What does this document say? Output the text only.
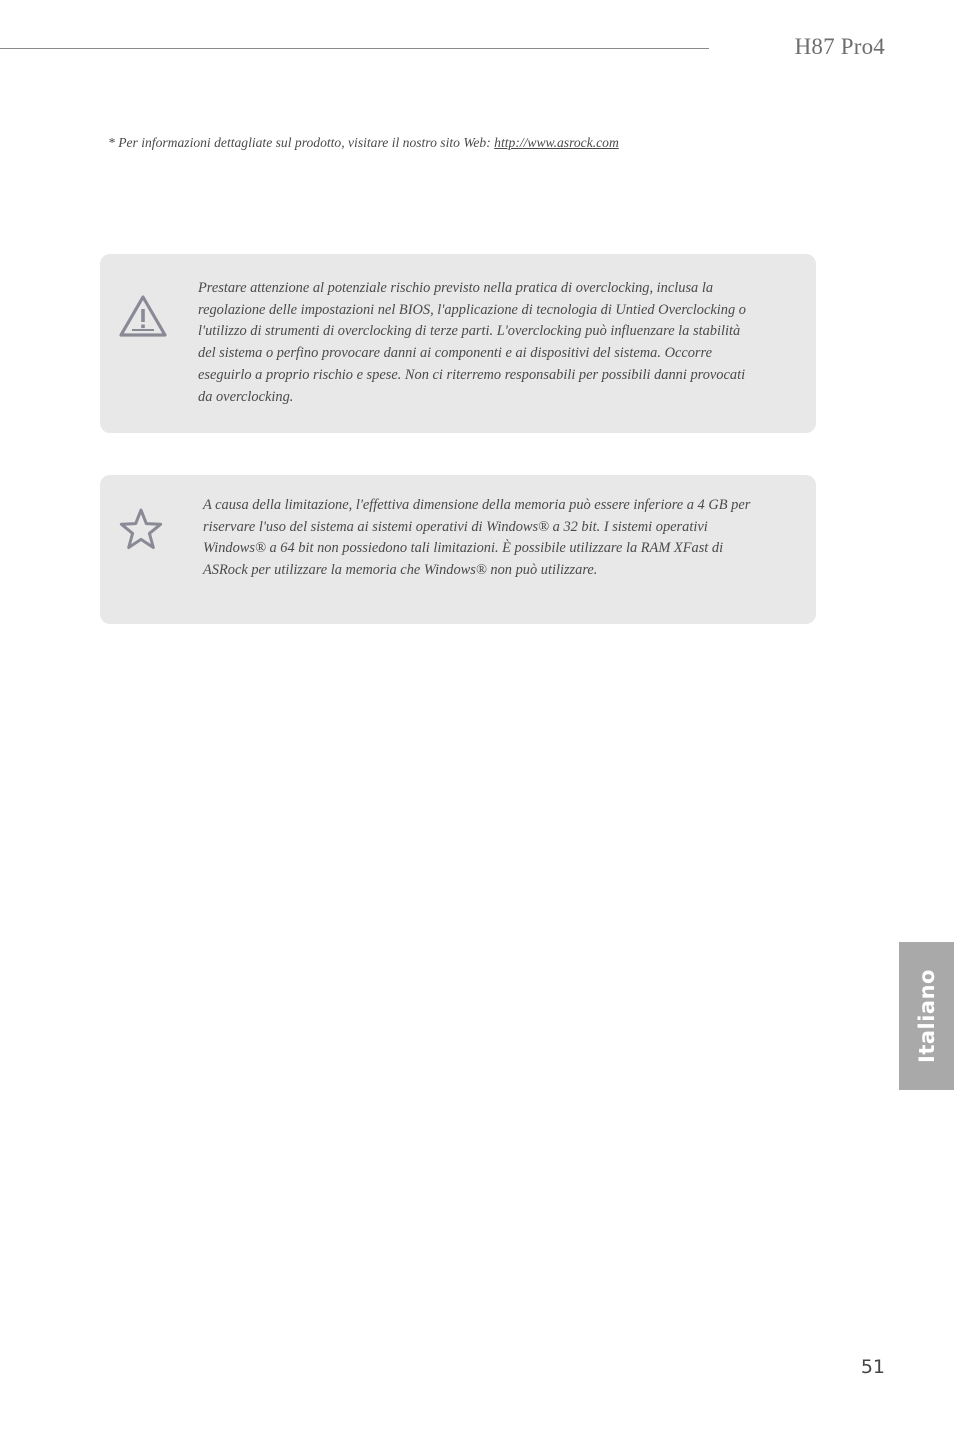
H87 Pro4
* Per informazioni dettagliate sul prodotto, visitare il nostro sito Web: http://www.asrock.com
Prestare attenzione al potenziale rischio previsto nella pratica di overclocking, inclusa la regolazione delle impostazioni nel BIOS, l'applicazione di tecnologia di Untied Overclocking o l'utilizzo di strumenti di overclocking di terze parti. L'overclocking può influenzare la stabilità del sistema o perfino provocare danni ai componenti e ai dispositivi del sistema. Occorre eseguirlo a proprio rischio e spese. Non ci riterremo responsabili per possibili danni provocati da overclocking.
A causa della limitazione, l'effettiva dimensione della memoria può essere inferiore a 4 GB per riservare l'uso del sistema ai sistemi operativi di Windows® a 32 bit. I sistemi operativi Windows® a 64 bit non possiedono tali limitazioni. È possibile utilizzare la RAM XFast di ASRock per utilizzare la memoria che Windows® non può utilizzare.
Italiano
51
